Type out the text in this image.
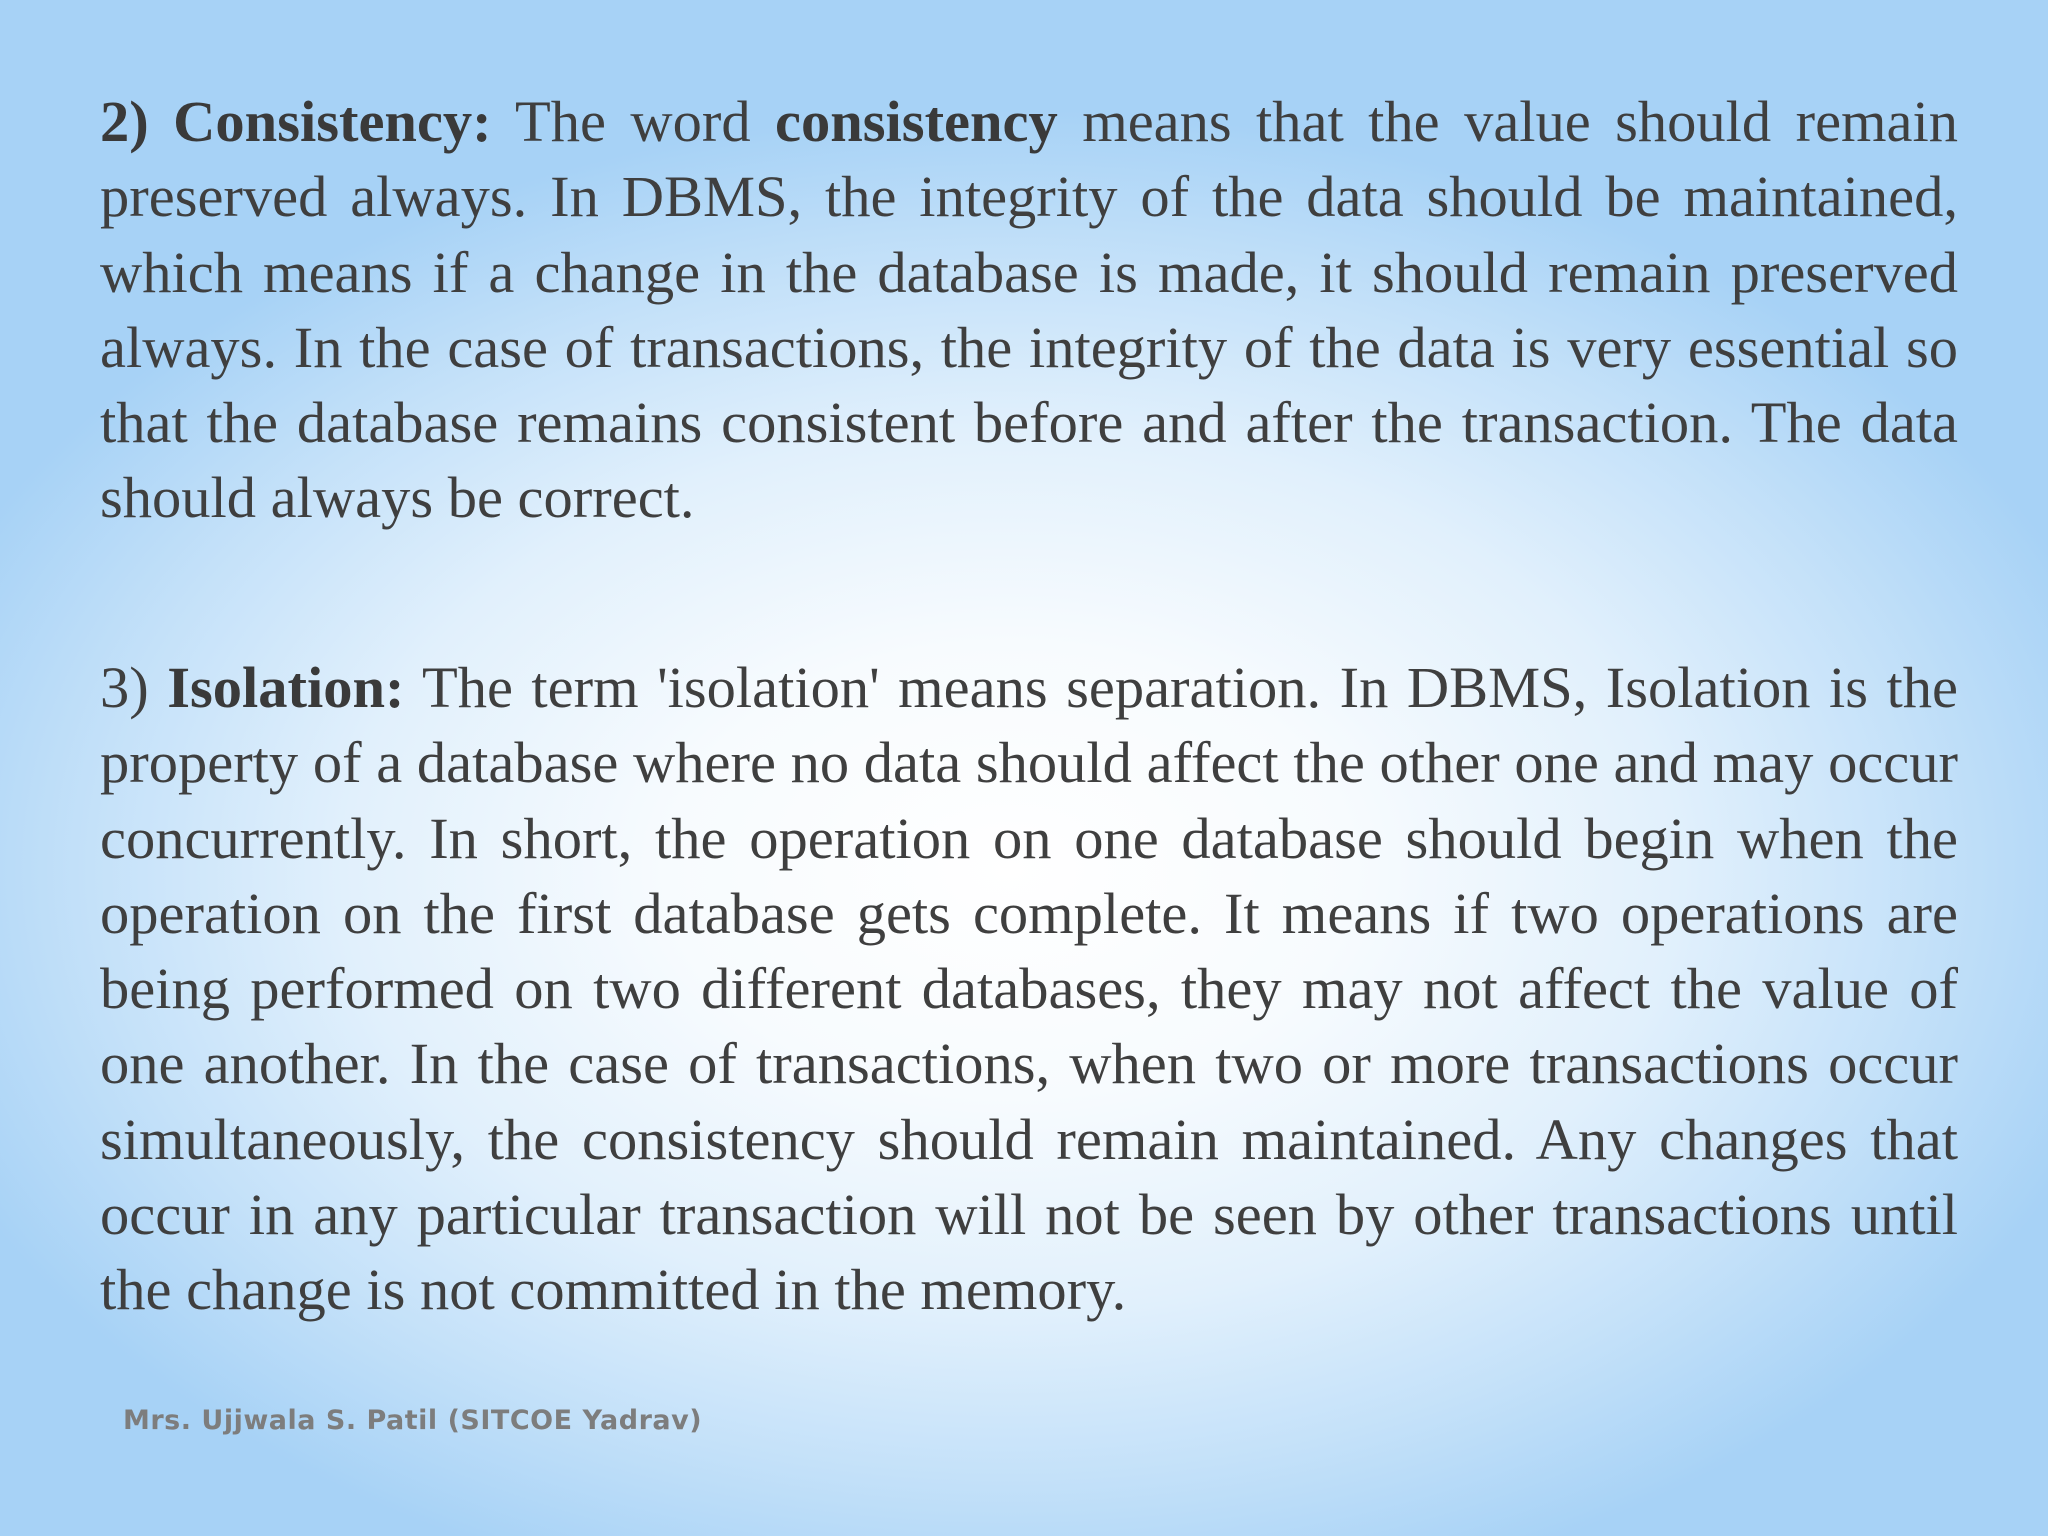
2) Consistency: The word consistency means that the value should remain preserved always. In DBMS, the integrity of the data should be maintained, which means if a change in the database is made, it should remain preserved always. In the case of transactions, the integrity of the data is very essential so that the database remains consistent before and after the transaction. The data should always be correct.

3) Isolation: The term 'isolation' means separation. In DBMS, Isolation is the property of a database where no data should affect the other one and may occur concurrently. In short, the operation on one database should begin when the operation on the first database gets complete. It means if two operations are being performed on two different databases, they may not affect the value of one another. In the case of transactions, when two or more transactions occur simultaneously, the consistency should remain maintained. Any changes that occur in any particular transaction will not be seen by other transactions until the change is not committed in the memory.

Mrs. Ujjwala S. Patil (SITCOE Yadrav)
